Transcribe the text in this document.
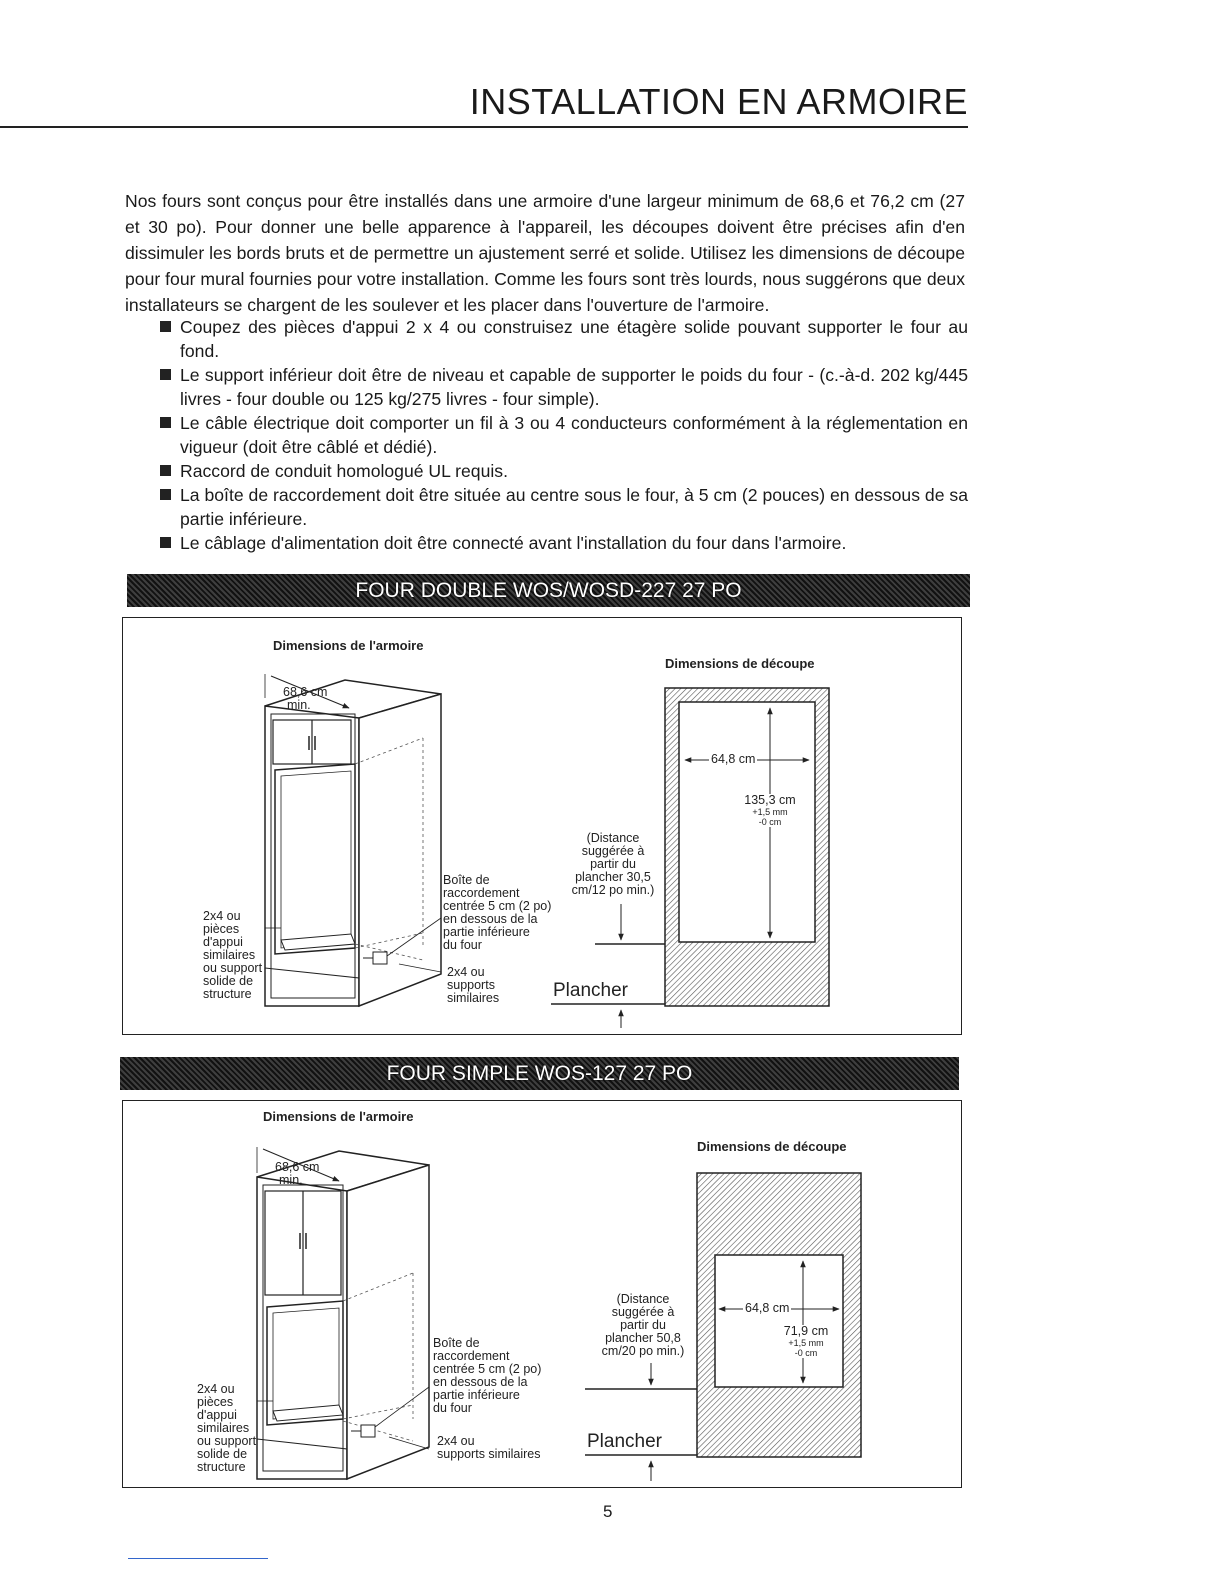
INSTALLATION EN ARMOIRE

Nos fours sont conçus pour être installés dans une armoire d'une largeur minimum de 68,6 et 76,2 cm (27 et 30 po). Pour donner une belle apparence à l'appareil, les découpes doivent être précises afin d'en dissimuler les bords bruts et de permettre un ajustement serré et solide. Utilisez les dimensions de découpe pour four mural fournies pour votre installation. Comme les fours sont très lourds, nous suggérons que deux installateurs se chargent de les soulever et les placer dans l'ouverture de l'armoire.

Coupez des pièces d'appui 2 x 4 ou construisez une étagère solide pouvant supporter le four au fond.
Le support inférieur doit être de niveau et capable de supporter le poids du four - (c.-à-d. 202 kg/445 livres - four double ou 125 kg/275 livres - four simple).
Le câble électrique doit comporter un fil à 3 ou 4 conducteurs conformément à la réglementation en vigueur (doit être câblé et dédié).
Raccord de conduit homologué UL requis.
La boîte de raccordement doit être située au centre sous le four, à 5 cm (2 pouces) en dessous de sa partie inférieure.
Le câblage d'alimentation doit être connecté avant l'installation du four dans l'armoire.
FOUR DOUBLE WOS/WOSD-227 27 PO
Dimensions de l'armoire
Dimensions de découpe
68,6 cm
min.
2x4 ou
pièces
d'appui
similaires
ou support
solide de
structure
Boîte de
raccordement
centrée 5 cm (2 po)
en dessous de la
partie inférieure
du four
2x4 ou
supports
similaires
(Distance
suggérée à
partir du
plancher 30,5
cm/12 po min.)
64,8 cm
135,3 cm
+1,5 mm
-0 cm
Plancher
FOUR SIMPLE WOS-127 27 PO
Dimensions de l'armoire
Dimensions de découpe
68,6 cm
min.
2x4 ou
pièces
d'appui
similaires
ou support
solide de
structure
Boîte de
raccordement
centrée 5 cm (2 po)
en dessous de la
partie inférieure
du four
2x4 ou
supports similaires
(Distance
suggérée à
partir du
plancher 50,8
cm/20 po min.)
64,8 cm
71,9 cm
+1,5 mm
-0 cm
Plancher
5
